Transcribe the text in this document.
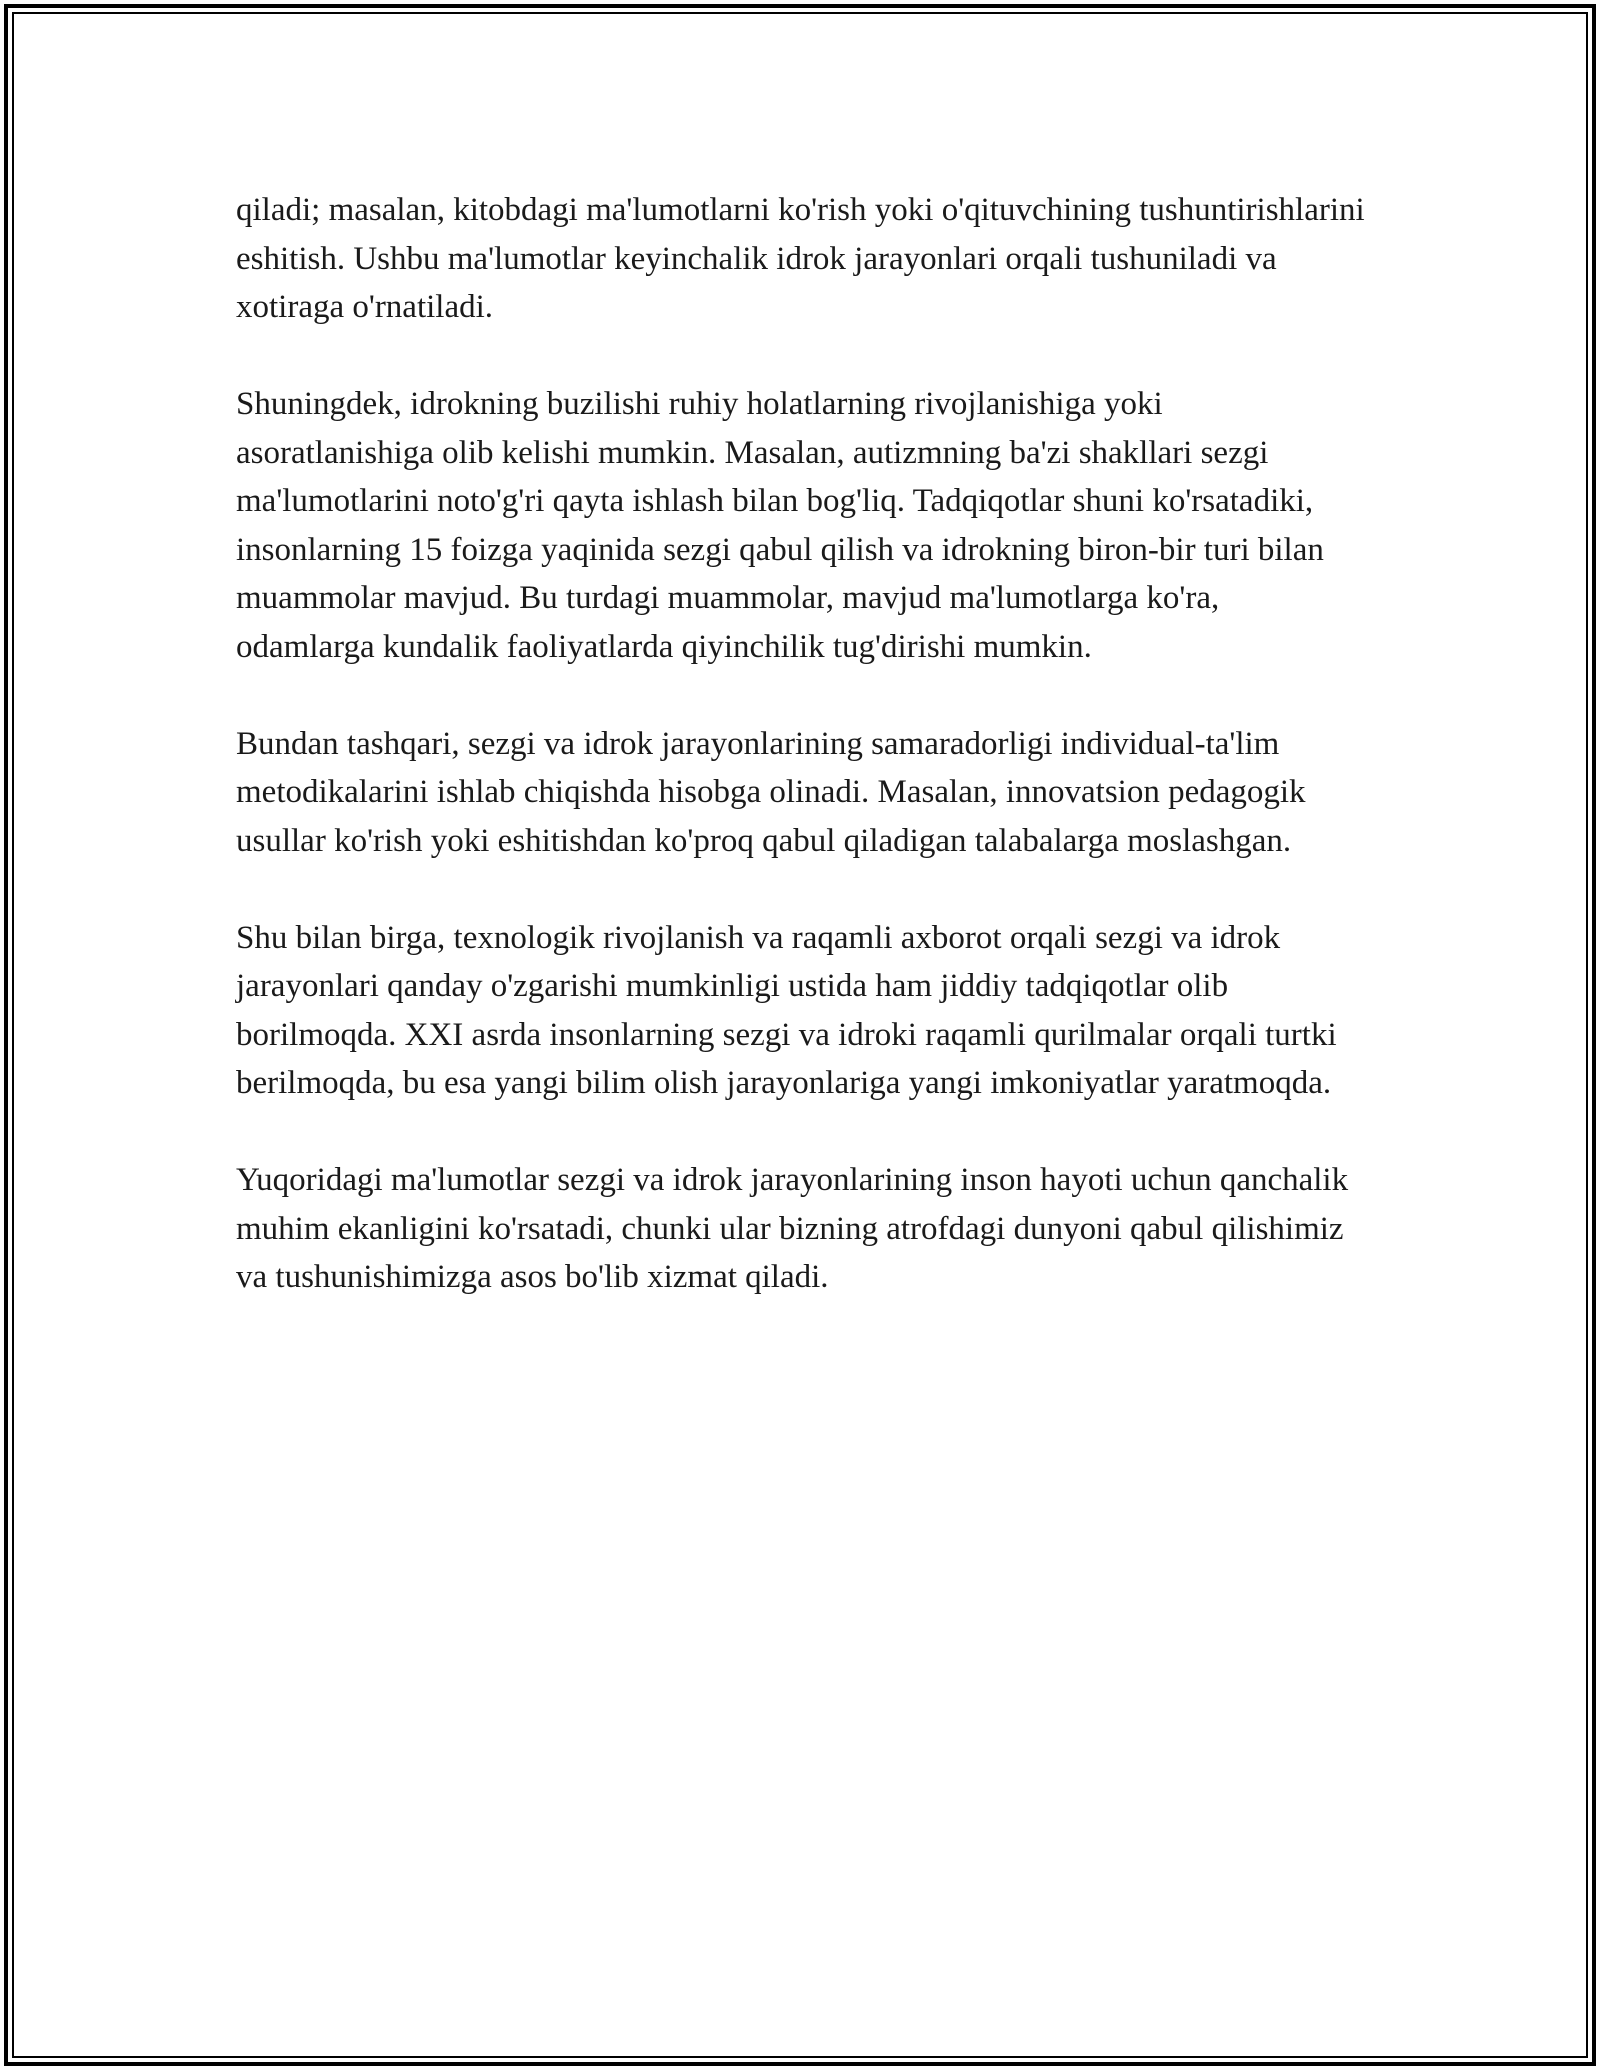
qiladi; masalan, kitobdagi ma'lumotlarni ko'rish yoki o'qituvchining tushuntirishlarini eshitish. Ushbu ma'lumotlar keyinchalik idrok jarayonlari orqali tushuniladi va xotiraga o'rnatiladi.

Shuningdek, idrokning buzilishi ruhiy holatlarning rivojlanishiga yoki asoratlanishiga olib kelishi mumkin. Masalan, autizmning ba'zi shakllari sezgi ma'lumotlarini noto'g'ri qayta ishlash bilan bog'liq. Tadqiqotlar shuni ko'rsatadiki, insonlarning 15 foizga yaqinida sezgi qabul qilish va idrokning biron-bir turi bilan muammolar mavjud. Bu turdagi muammolar, mavjud ma'lumotlarga ko'ra, odamlarga kundalik faoliyatlarda qiyinchilik tug'dirishi mumkin.

Bundan tashqari, sezgi va idrok jarayonlarining samaradorligi individual-ta'lim metodikalarini ishlab chiqishda hisobga olinadi. Masalan, innovatsion pedagogik usullar ko'rish yoki eshitishdan ko'proq qabul qiladigan talabalarga moslashgan.

Shu bilan birga, texnologik rivojlanish va raqamli axborot orqali sezgi va idrok jarayonlari qanday o'zgarishi mumkinligi ustida ham jiddiy tadqiqotlar olib borilmoqda. XXI asrda insonlarning sezgi va idroki raqamli qurilmalar orqali turtki berilmoqda, bu esa yangi bilim olish jarayonlariga yangi imkoniyatlar yaratmoqda.

Yuqoridagi ma'lumotlar sezgi va idrok jarayonlarining inson hayoti uchun qanchalik muhim ekanligini ko'rsatadi, chunki ular bizning atrofdagi dunyoni qabul qilishimiz va tushunishimizga asos bo'lib xizmat qiladi.
